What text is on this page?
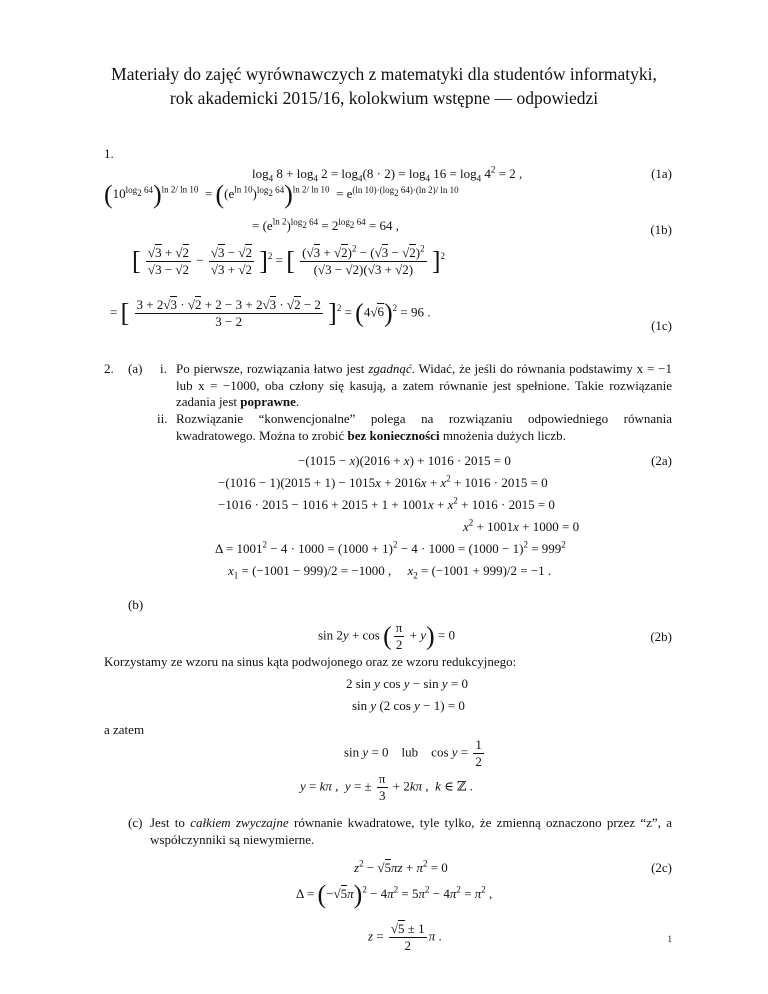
Materiały do zajęć wyrównawczych z matematyki dla studentów informatyki,
rok akademicki 2015/16, kolokwium wstępne — odpowiedzi
1.
$\log_4 8 + \log_4 2 = \log_4(8 \cdot 2) = \log_4 16 = \log_4 4^2 = 2$ ,	(1a)
$(10^{log_2 64})^{ln 2/ ln 10} = ((e^{ln 10})^{log_2 64})^{ln 2/ ln 10} = e^{(ln 10)\cdot(log_2 64)\cdot(ln 2)/ ln 10}$
= $(e^{ln 2})^{log_2 64} = 2^{log_2 64} = 64$ ,	(1b)
[ $\frac{√3 + √2}{√3 - √2} - \frac{√3 - √2}{√3 + √2} ]^2$ = [ $\frac{(√3 + √2)^2 - (√3 - √2)^2}{(√3 - √2)(√3 + √2)} ]^2$
= [ $\frac{3 + 2√3 \cdot √2 + 2 - 3 + 2√3 \cdot √2 - 2}{3 - 2} ]^2 = (4√6)^2 = 96$ .
(1c)
2. (a) i. Po pierwsze, rozwiązania łatwo jest zgadnąć. Widać, że jeśli do równania podstawimy x = −1 lub x = −1000, oba człony się kasują, a zatem równanie jest spełnione. Takie rozwiązanie zadania jest poprawne.
ii. Rozwiązanie “konwencjonalne” polega na rozwiązaniu odpowiedniego równania kwadratowego. Można to zrobić bez konieczności mnożenia dużych liczb.
−(1015 − x)(2016 + x) + 1016 · 2015 = 0	(2a)
$-(1016 - 1)(2015 + 1) - 1015x + 2016x + x^2 + 1016 \cdot 2015 = 0$
$-1016 \cdot 2015 - 1016 + 2015 + 1 + 1001x + x^2 + 1016 \cdot 2015 = 0$
$x^2 + 1001x + 1000 = 0$
$\Delta = 1001^2 - 4 \cdot 1000 = (1000 + 1)^2 - 4 \cdot 1000 = (1000 - 1)^2 = 999^2$
$x_1 = (-1001 - 999)/2 = -1000$ ,     $x_2 = (-1001 + 999)/2 = -1$ .
(b)
sin 2y + cos ( $\frac{\pi}{2} + y) = 0$	(2b)
Korzystamy ze wzoru na sinus kąta podwojonego oraz ze wzoru redukcyjnego:
2 sin y cos y − sin y = 0
sin y (2 cos y − 1) = 0
a zatem
sin y = 0    lub    $\cos y = \frac{1}{2}$
y = kπ ,  y = ± $\frac{\pi}{3} + 2k\pi$ ,  k ∈ ℤ .
(c) Jest to całkiem zwyczajne równanie kwadratowe, tyle tylko, że zmienną oznaczono przez “z”, a współczynniki są niewymierne.
$z^2 - √5\pi z + \pi^2 = 0$	(2c)
$\Delta = (-√5\pi)^2 - 4\pi^2 = 5\pi^2 - 4\pi^2 = \pi^2$ ,
$z = \frac{√5 \pm 1}{2}$ π .	1
